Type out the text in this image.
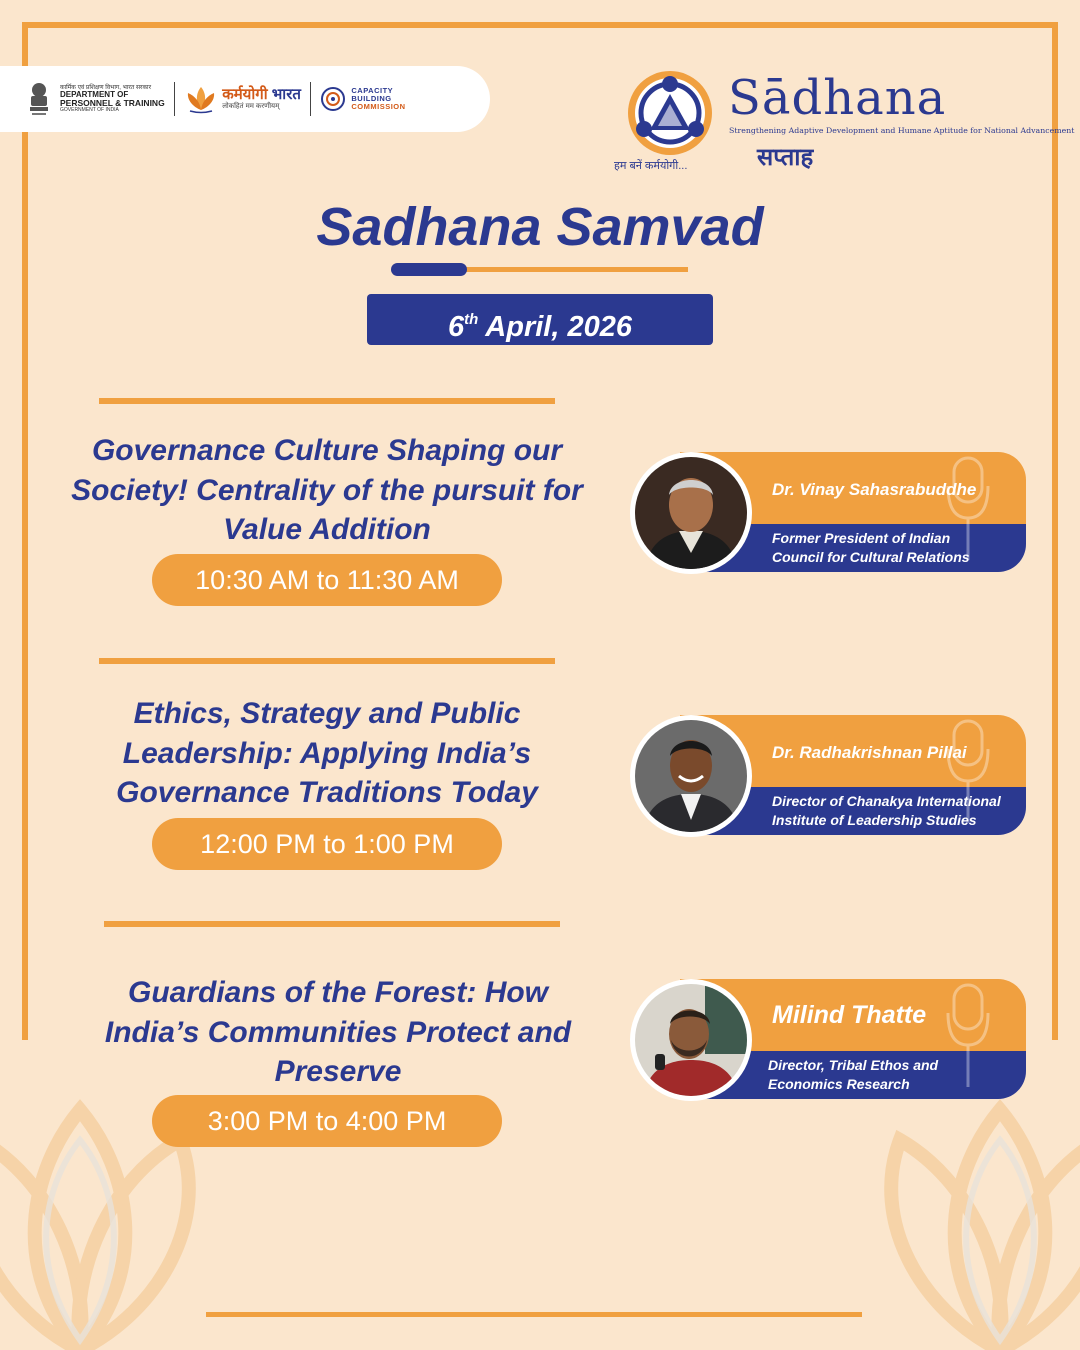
कार्मिक एवं प्रशिक्षण विभाग, भारत सरकार
DEPARTMENT OF
PERSONNEL & TRAINING
GOVERNMENT OF INDIA
कर्मयोगी भारत
लोकहितं मम करणीयम्
CAPACITY
BUILDING
COMMISSION	Sādhana
Strengthening Adaptive Development and Humane Aptitude for National Advancement
सप्ताह
हम बनें कर्मयोगी...
Sadhana Samvad
6th April, 2026
Governance Culture Shaping our Society! Centrality of the pursuit for Value Addition
10:30 AM to 11:30 AM
Dr. Vinay Sahasrabuddhe
Former President of Indian
Council for Cultural Relations
Ethics, Strategy and Public Leadership: Applying India’s Governance Traditions Today
12:00 PM to 1:00 PM
Dr. Radhakrishnan Pillai
Director of Chanakya International
Institute of Leadership Studies
Guardians of the Forest: How India’s Communities Protect and Preserve
3:00 PM to 4:00 PM
Milind Thatte
Director, Tribal Ethos and
Economics Research
